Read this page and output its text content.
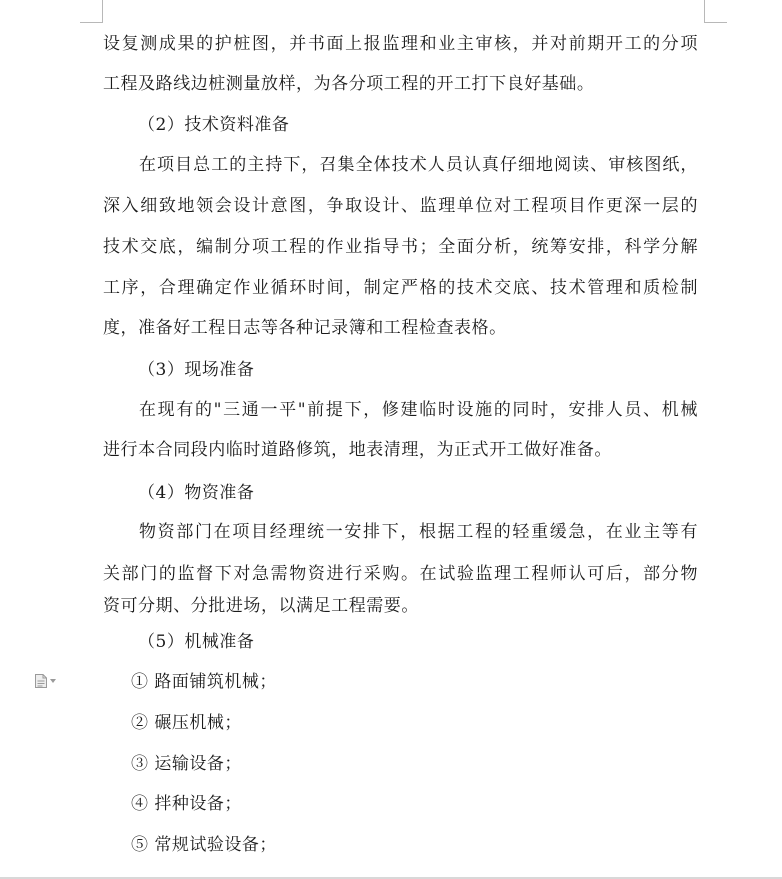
设复测成果的护桩图，并书面上报监理和业主审核，并对前期开工的分项
工程及路线边桩测量放样，为各分项工程的开工打下良好基础。
（2）技术资料准备
在项目总工的主持下，召集全体技术人员认真仔细地阅读、审核图纸，
深入细致地领会设计意图，争取设计、监理单位对工程项目作更深一层的
技术交底，编制分项工程的作业指导书；全面分析，统筹安排，科学分解
工序，合理确定作业循环时间，制定严格的技术交底、技术管理和质检制
度，准备好工程日志等各种记录簿和工程检查表格。
（3）现场准备
在现有的"三通一平"前提下，修建临时设施的同时，安排人员、机械
进行本合同段内临时道路修筑，地表清理，为正式开工做好准备。
（4）物资准备
物资部门在项目经理统一安排下，根据工程的轻重缓急，在业主等有
关部门的监督下对急需物资进行采购。在试验监理工程师认可后，部分物
资可分期、分批进场，以满足工程需要。
（5）机械准备
① 路面铺筑机械；
② 碾压机械；
③ 运输设备；
④ 拌种设备；
⑤ 常规试验设备；
